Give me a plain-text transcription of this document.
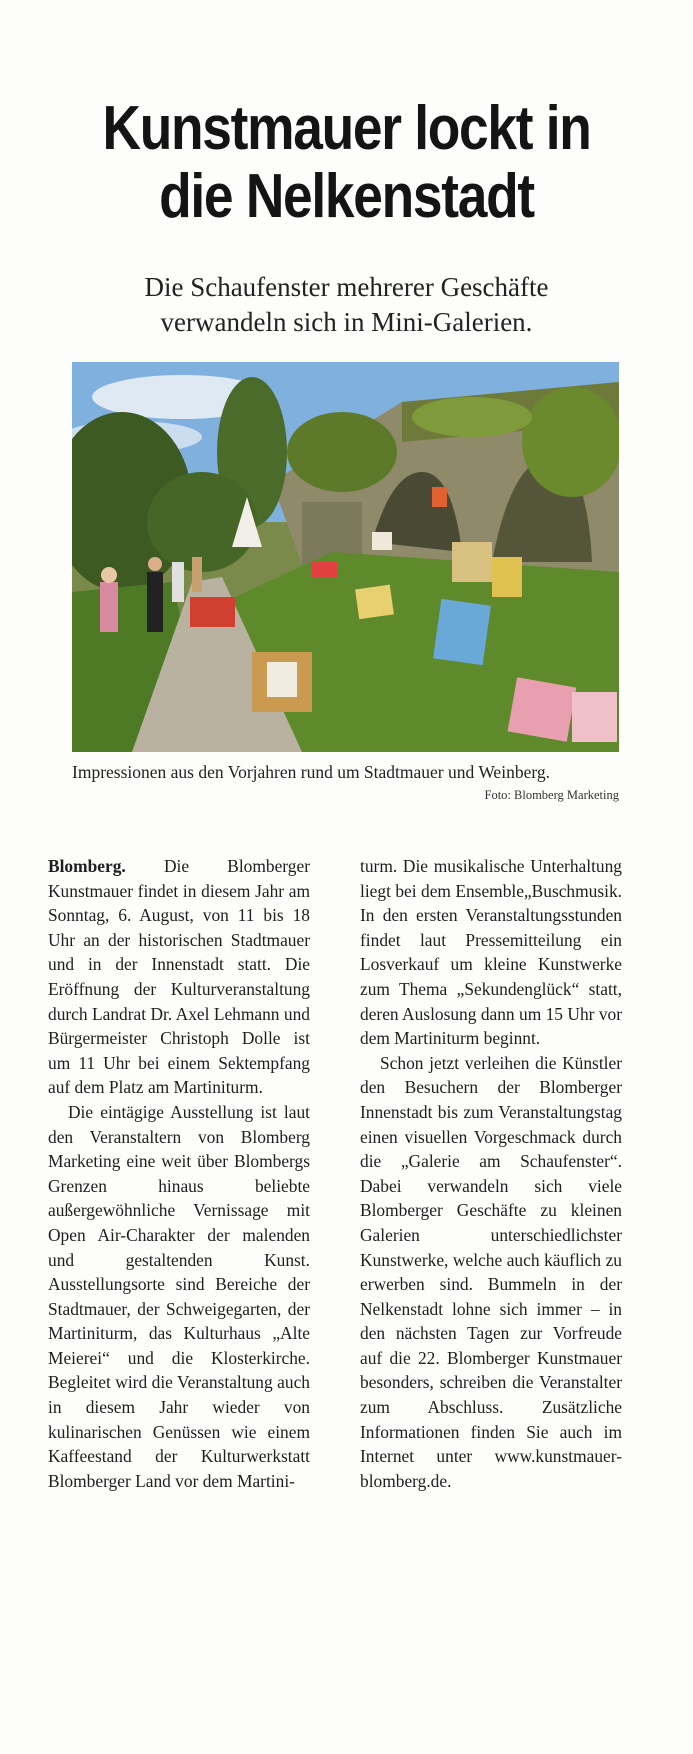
Kunstmauer lockt in die Nelkenstadt
Die Schaufenster mehrerer Geschäfte
verwandeln sich in Mini-Galerien.
Impressionen aus den Vorjahren rund um Stadtmauer und Weinberg.
Foto: Blomberg Marketing

Blomberg. Die Blomberger Kunstmauer findet in diesem Jahr am Sonntag, 6. August, von 11 bis 18 Uhr an der historischen Stadtmauer und in der Innenstadt statt. Die Eröffnung der Kulturveranstaltung durch Landrat Dr. Axel Lehmann und Bürgermeister Christoph Dolle ist um 11 Uhr bei einem Sektempfang auf dem Platz am Martiniturm.

Die eintägige Ausstellung ist laut den Veranstaltern von Blomberg Marketing eine weit über Blombergs Grenzen hinaus beliebte außergewöhnliche Vernissage mit Open Air-Charakter der malenden und gestaltenden Kunst. Ausstellungsorte sind Bereiche der Stadtmauer, der Schweigegarten, der Martiniturm, das Kulturhaus „Alte Meierei“ und die Klosterkirche. Begleitet wird die Veranstaltung auch in diesem Jahr wieder von kulinarischen Genüssen wie einem Kaffeestand der Kulturwerkstatt Blomberger Land vor dem Martini-

turm. Die musikalische Unterhaltung liegt bei dem Ensemble„Buschmusik. In den ersten Veranstaltungsstunden findet laut Pressemitteilung ein Losverkauf um kleine Kunstwerke zum Thema „Sekundenglück“ statt, deren Auslosung dann um 15 Uhr vor dem Martiniturm beginnt.

Schon jetzt verleihen die Künstler den Besuchern der Blomberger Innenstadt bis zum Veranstaltungstag einen visuellen Vorgeschmack durch die „Galerie am Schaufenster“. Dabei verwandeln sich viele Blomberger Geschäfte zu kleinen Galerien unterschiedlichster Kunstwerke, welche auch käuflich zu erwerben sind. Bummeln in der Nelkenstadt lohne sich immer – in den nächsten Tagen zur Vorfreude auf die 22. Blomberger Kunstmauer besonders, schreiben die Veranstalter zum Abschluss. Zusätzliche Informationen finden Sie auch im Internet unter www.kunstmauer-blomberg.de.
